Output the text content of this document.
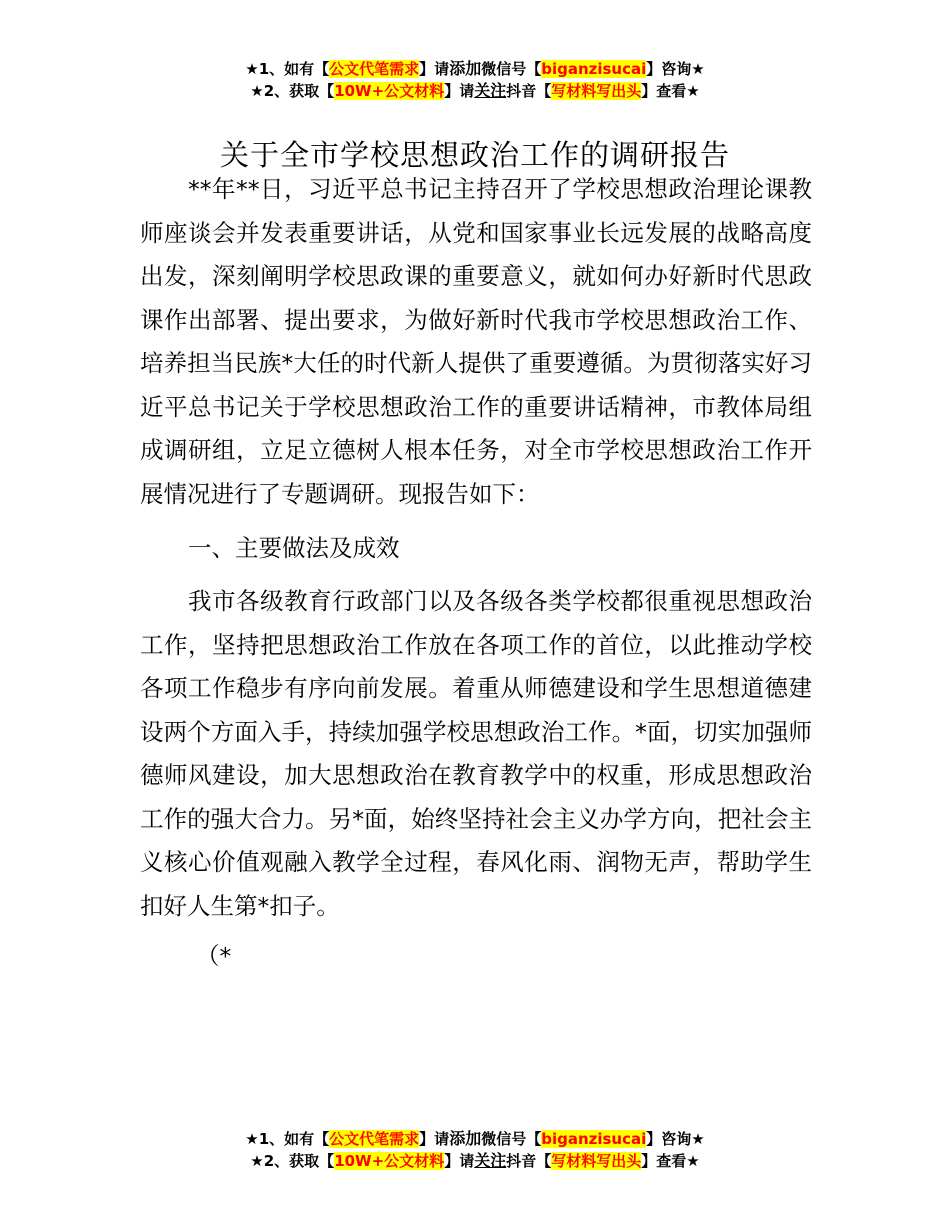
★1、如有【公文代笔需求】请添加微信号【biganzisucai】咨询★
★2、获取【10W+公文材料】请关注抖音【写材料写出头】查看★
关于全市学校思想政治工作的调研报告

**年**日，习近平总书记主持召开了学校思想政治理论课教师座谈会并发表重要讲话，从党和国家事业长远发展的战略高度出发，深刻阐明学校思政课的重要意义，就如何办好新时代思政课作出部署、提出要求，为做好新时代我市学校思想政治工作、培养担当民族*大任的时代新人提供了重要遵循。为贯彻落实好习近平总书记关于学校思想政治工作的重要讲话精神，市教体局组成调研组，立足立德树人根本任务，对全市学校思想政治工作开展情况进行了专题调研。现报告如下：

一、主要做法及成效

我市各级教育行政部门以及各级各类学校都很重视思想政治工作，坚持把思想政治工作放在各项工作的首位，以此推动学校各项工作稳步有序向前发展。着重从师德建设和学生思想道德建设两个方面入手，持续加强学校思想政治工作。*面，切实加强师德师风建设，加大思想政治在教育教学中的权重，形成思想政治工作的强大合力。另*面，始终坚持社会主义办学方向，把社会主义核心价值观融入教学全过程，春风化雨、润物无声，帮助学生扣好人生第*扣子。

（*
★1、如有【公文代笔需求】请添加微信号【biganzisucai】咨询★
★2、获取【10W+公文材料】请关注抖音【写材料写出头】查看★
